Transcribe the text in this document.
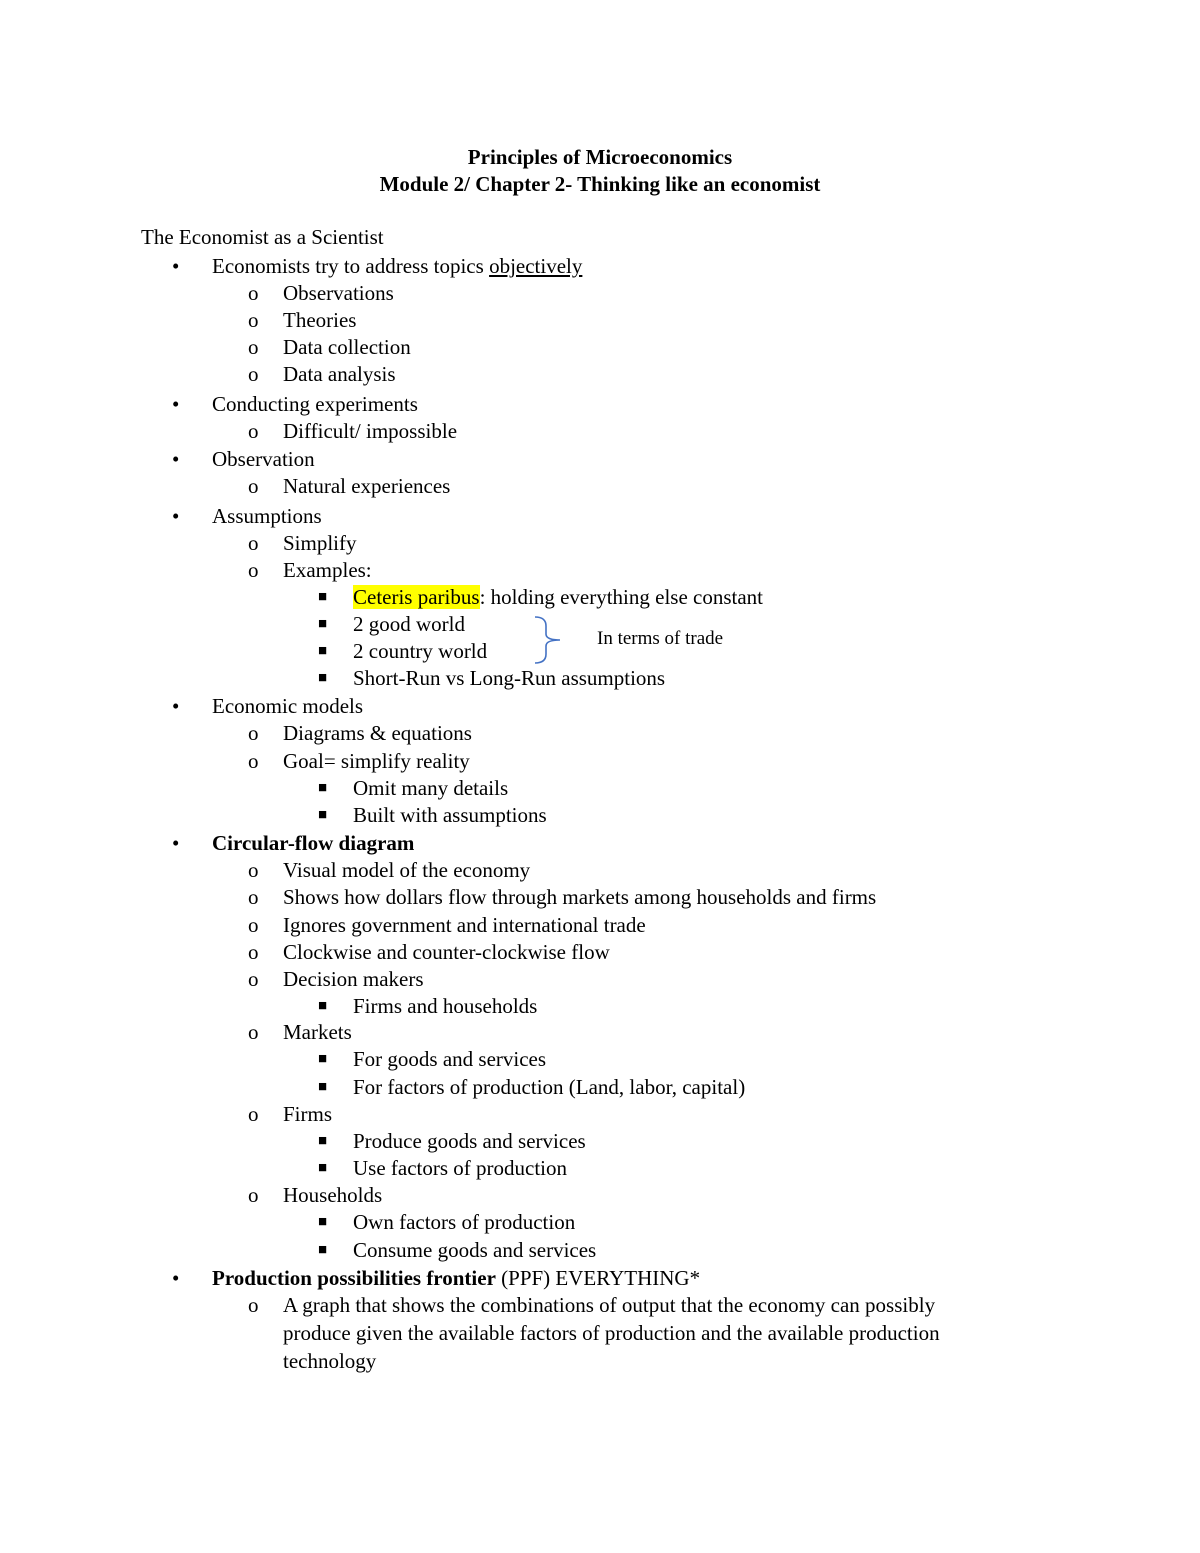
Principles of Microeconomics
Module 2/ Chapter 2- Thinking like an economist
The Economist as a Scientist
• Economists try to address topics objectively
o Observations
o Theories
o Data collection
o Data analysis
• Conducting experiments
o Difficult/ impossible
• Observation
o Natural experiences
• Assumptions
o Simplify
o Examples:
■ Ceteris paribus: holding everything else constant
■ 2 good world
■ 2 country world
■ Short-Run vs Long-Run assumptions
In terms of trade
• Economic models
o Diagrams & equations
o Goal= simplify reality
■ Omit many details
■ Built with assumptions
• Circular-flow diagram
o Visual model of the economy
o Shows how dollars flow through markets among households and firms
o Ignores government and international trade
o Clockwise and counter-clockwise flow
o Decision makers
■ Firms and households
o Markets
■ For goods and services
■ For factors of production (Land, labor, capital)
o Firms
■ Produce goods and services
■ Use factors of production
o Households
■ Own factors of production
■ Consume goods and services
• Production possibilities frontier (PPF) EVERYTHING*
o A graph that shows the combinations of output that the economy can possibly
produce given the available factors of production and the available production
technology
